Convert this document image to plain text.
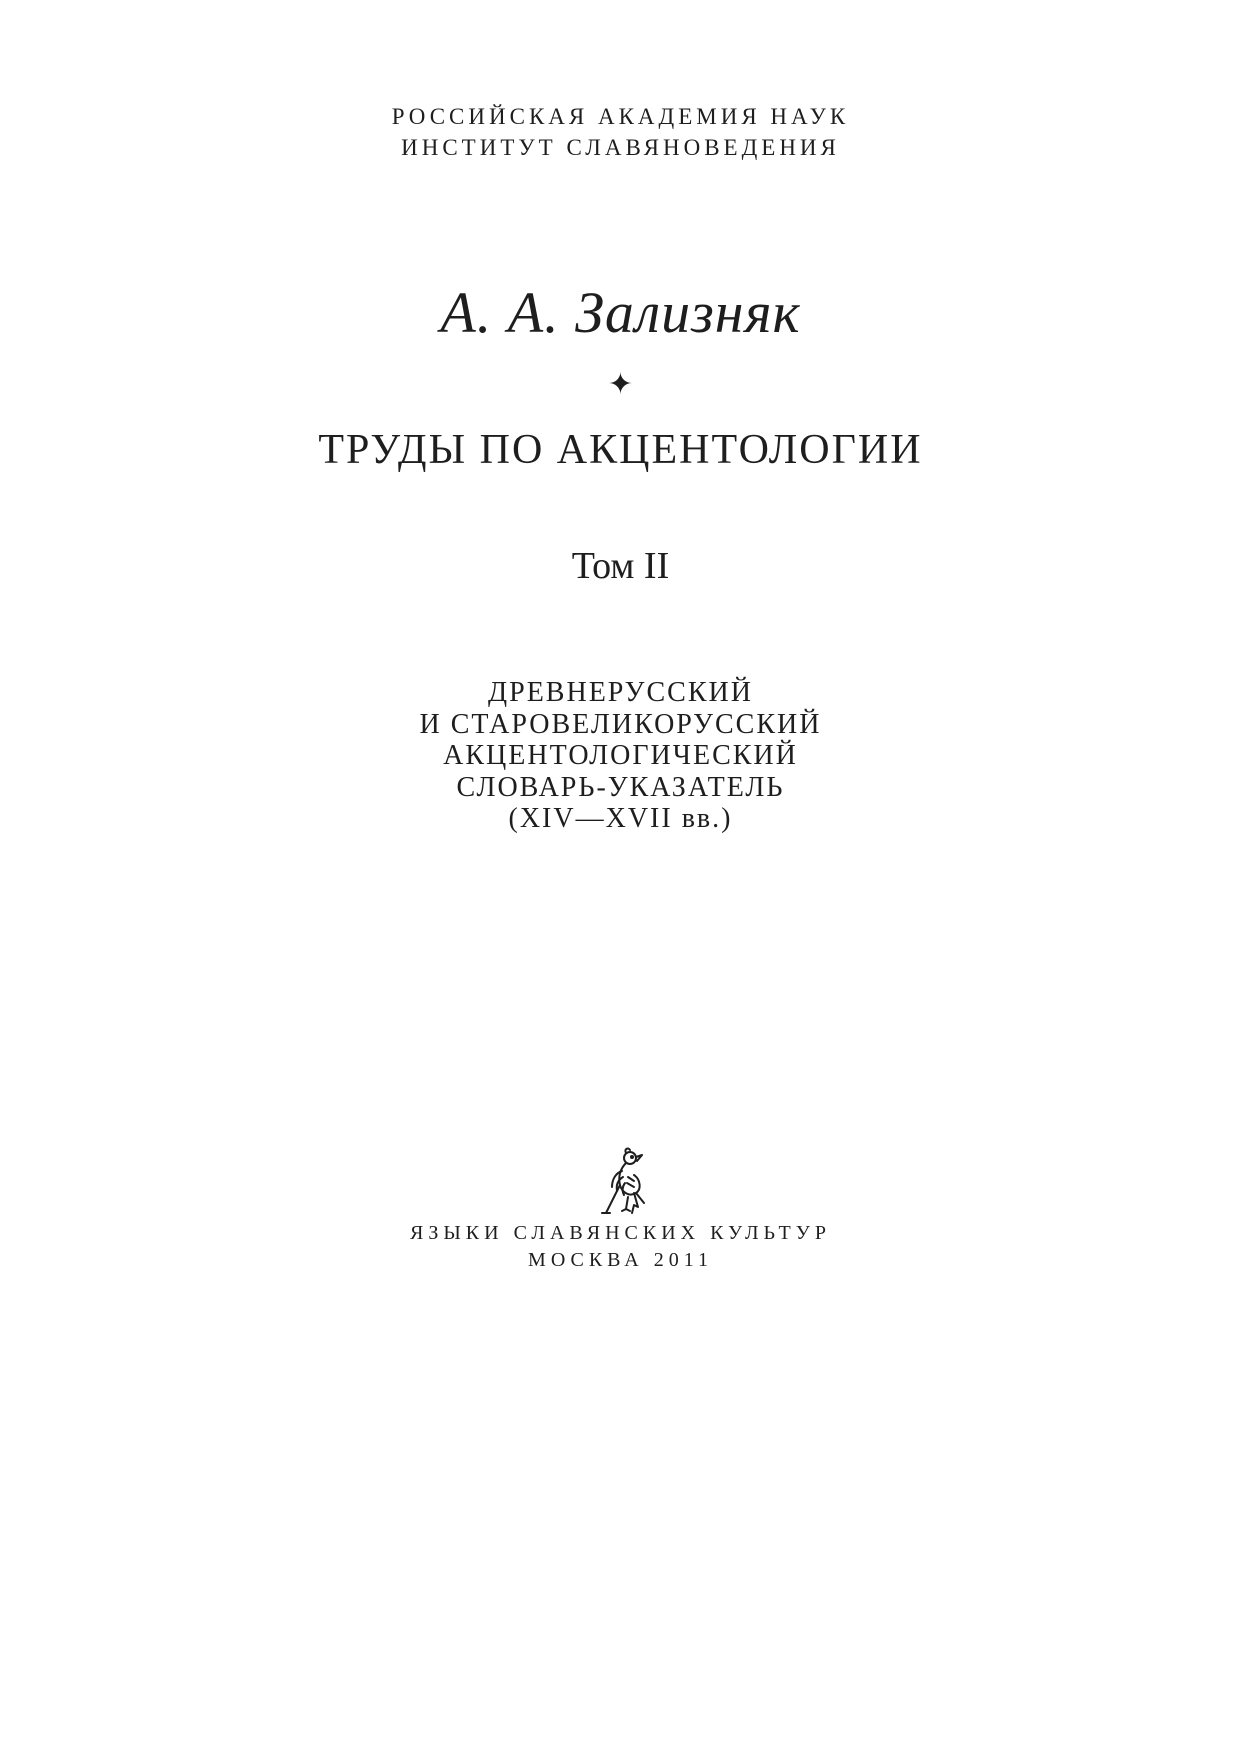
РОССИЙСКАЯ АКАДЕМИЯ НАУК
ИНСТИТУТ СЛАВЯНОВЕДЕНИЯ
А. А. Зализняк
✦
ТРУДЫ ПО АКЦЕНТОЛОГИИ
Том II
ДРЕВНЕРУССКИЙ
И СТАРОВЕЛИКОРУССКИЙ
АКЦЕНТОЛОГИЧЕСКИЙ
СЛОВАРЬ-УКАЗАТЕЛЬ
(XIV—XVII вв.)
ЯЗЫКИ СЛАВЯНСКИХ КУЛЬТУР
МОСКВА 2011
